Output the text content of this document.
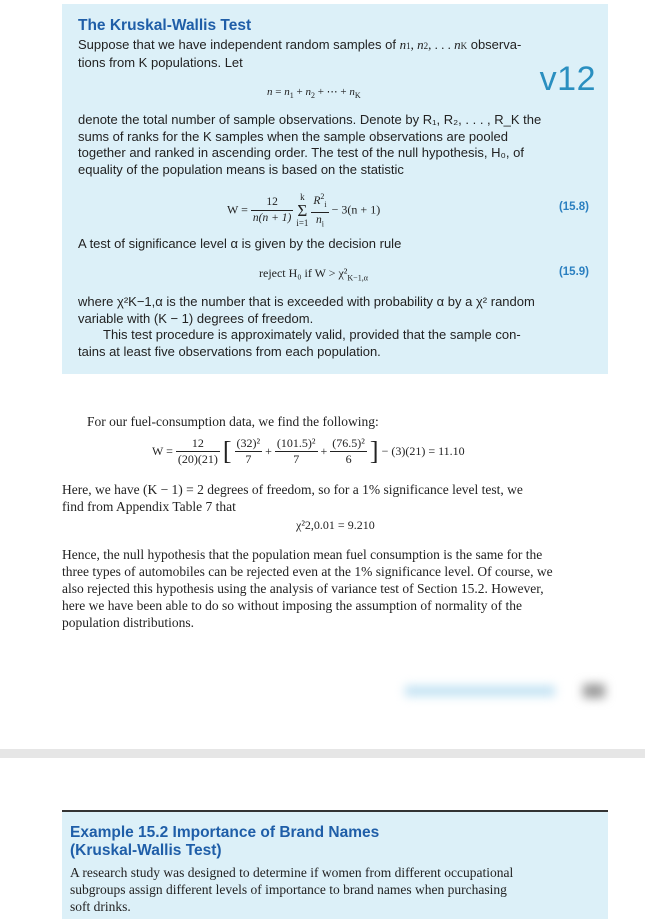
The Kruskal-Wallis Test
Suppose that we have independent random samples of n1, n2, . . . nK observa-
tions from K populations. Let
$n = n_1 + n_2$ + ⋯ + $n_K$	v12
denote the total number of sample observations. Denote by R₁, R₂, . . . , R_K the
sums of ranks for the K samples when the sample observations are pooled
together and ranked in ascending order. The test of the null hypothesis, H₀, of
equality of the population means is based on the statistic
$W = \frac{12}{n(n + 1)}$
k
Σ
i=1
$\frac{R^2_i}{n_i} - 3(n + 1)$	(15.8)
A test of significance level α is given by the decision rule
reject H₀ if $W > \chi^2_{K-1,\alpha}$	(15.9)
where χ²K−1,α is the number that is exceeded with probability α by a χ² random
variable with (K − 1) degrees of freedom.
This test procedure is approximately valid, provided that the sample con-
tains at least five observations from each population.
For our fuel-consumption data, we find the following:
$W = \frac{12}{(20)(21)}$ [ $\frac{\text{(32)²}}{7} + \frac{\text{(101.5)²}}{7} + \frac{\text{(76.5)²}}{6}$ ] − (3)(21) = 11.10
Here, we have (K − 1) = 2 degrees of freedom, so for a 1% significance level test, we
find from Appendix Table 7 that
χ²2,0.01 = 9.210
Hence, the null hypothesis that the population mean fuel consumption is the same for the
three types of automobiles can be rejected even at the 1% significance level. Of course, we
also rejected this hypothesis using the analysis of variance test of Section 15.2. However,
here we have been able to do so without imposing the assumption of normality of the
population distributions.
Example 15.2 Importance of Brand Names
(Kruskal-Wallis Test)
A research study was designed to determine if women from different occupational
subgroups assign different levels of importance to brand names when purchasing
soft drinks.
